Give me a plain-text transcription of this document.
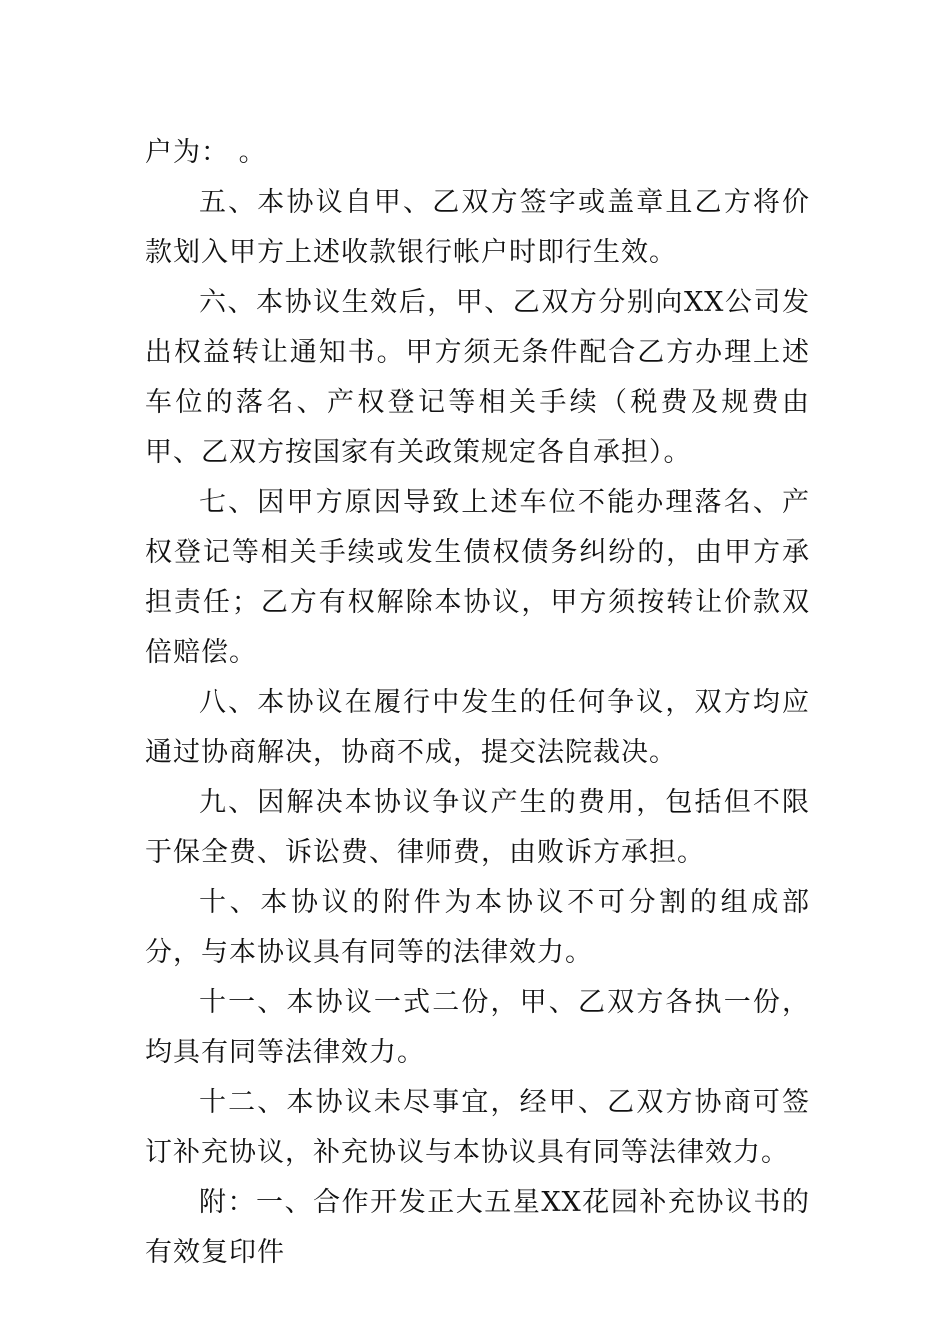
户为： 。

五、本协议自甲、乙双方签字或盖章且乙方将价款划入甲方上述收款银行帐户时即行生效。

六、本协议生效后，甲、乙双方分别向XX公司发出权益转让通知书。甲方须无条件配合乙方办理上述车位的落名、产权登记等相关手续（税费及规费由甲、乙双方按国家有关政策规定各自承担）。

七、因甲方原因导致上述车位不能办理落名、产权登记等相关手续或发生债权债务纠纷的，由甲方承担责任；乙方有权解除本协议，甲方须按转让价款双倍赔偿。

八、本协议在履行中发生的任何争议，双方均应通过协商解决，协商不成，提交法院裁决。

九、因解决本协议争议产生的费用，包括但不限于保全费、诉讼费、律师费，由败诉方承担。

十、本协议的附件为本协议不可分割的组成部分，与本协议具有同等的法律效力。

十一、本协议一式二份，甲、乙双方各执一份，均具有同等法律效力。

十二、本协议未尽事宜，经甲、乙双方协商可签订补充协议，补充协议与本协议具有同等法律效力。

附：一、合作开发正大五星XX花园补充协议书的有效复印件
